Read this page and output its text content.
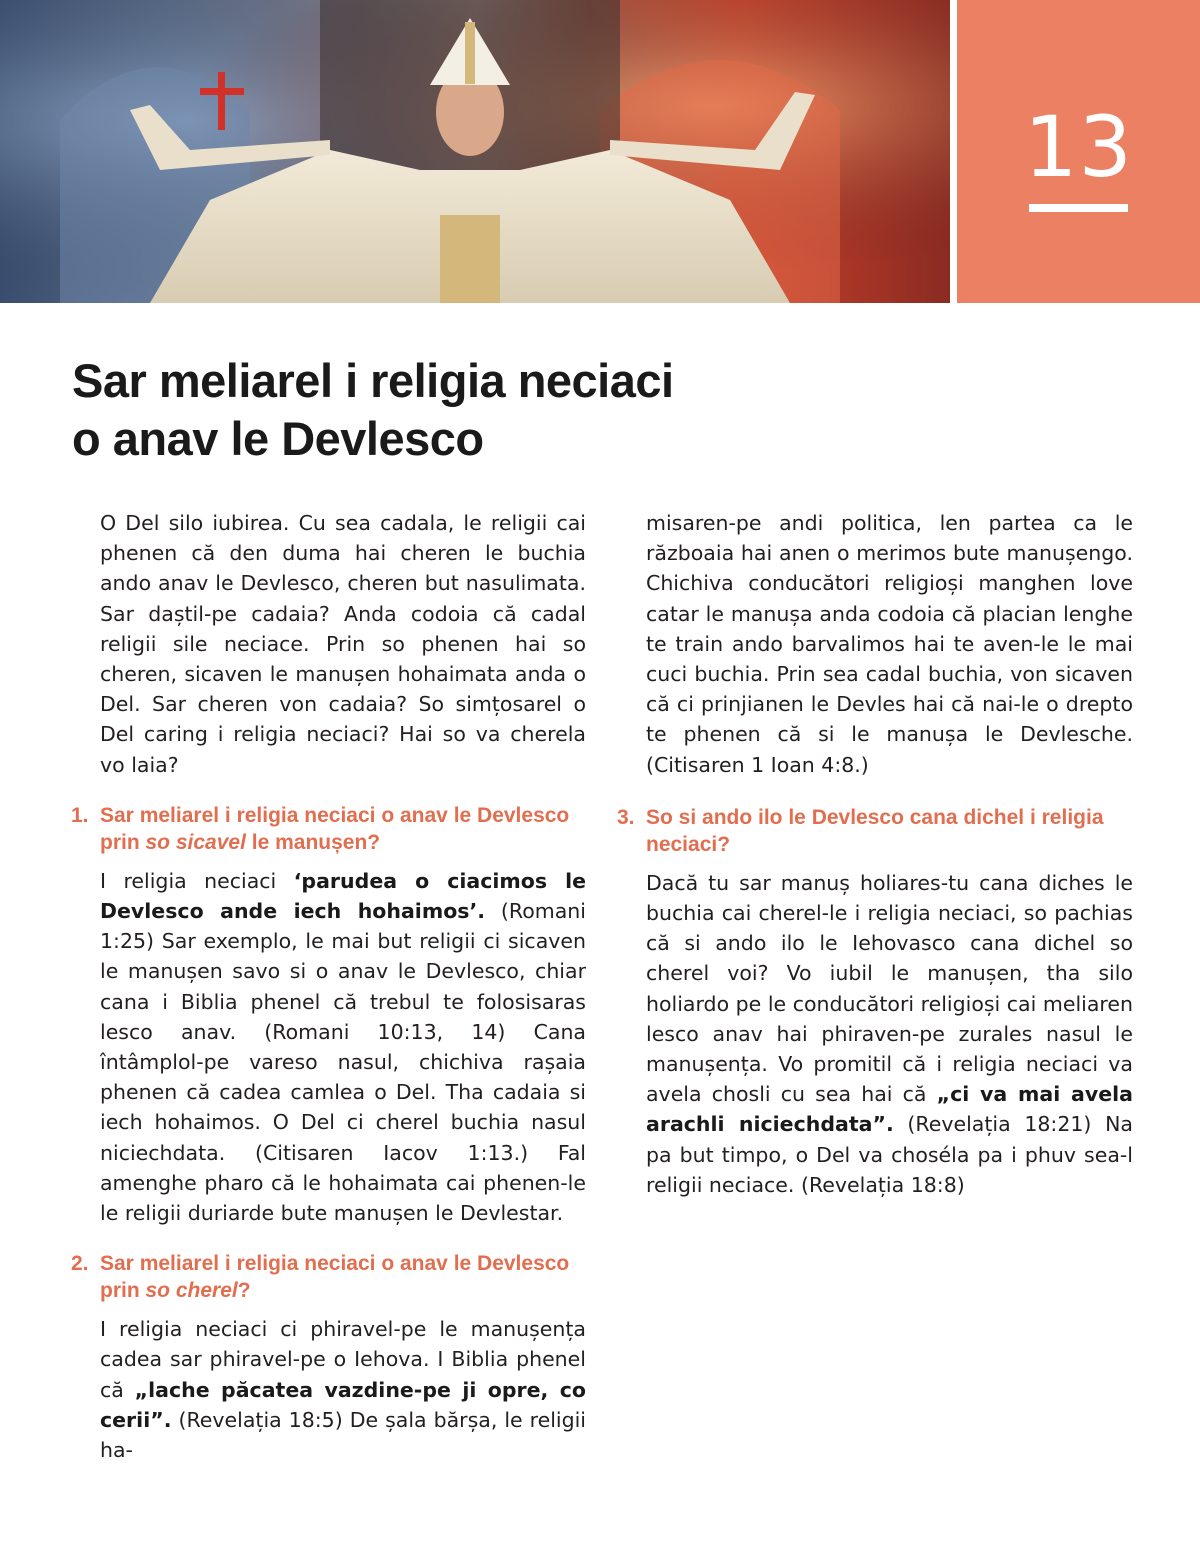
13
Sar meliarel i religia neciaci
o anav le Devlesco

O Del silo iubirea. Cu sea cadala, le religii cai phenen că den duma hai cheren le buchia ando anav le Devlesco, cheren but nasulimata. Sar daștil-pe cadaia? Anda codoia că cadal religii sile neciace. Prin so phenen hai so cheren, sicaven le manușen hohaimata anda o Del. Sar cheren von cadaia? So simțosarel o Del caring i religia neciaci? Hai so va cherela vo laia?

1. Sar meliarel i religia neciaci o anav le Devlesco prin so sicavel le manușen?

I religia neciaci ‘parudea o ciacimos le Devlesco ande iech hohaimos’. (Romani 1:25) Sar exemplo, le mai but religii ci sicaven le manușen savo si o anav le Devlesco, chiar cana i Biblia phenel că trebul te folosisaras lesco anav. (Romani 10:13, 14) Cana întâmplol-pe vareso nasul, chichiva rașaia phenen că cadea camlea o Del. Tha cadaia si iech hohaimos. O Del ci cherel buchia nasul niciechdata. (Citisaren Iacov 1:13.) Fal amenghe pharo că le hohaimata cai phenen-le le religii duriarde bute manușen le Devlestar.

2. Sar meliarel i religia neciaci o anav le Devlesco prin so cherel?

I religia neciaci ci phiravel-pe le manușența cadea sar phiravel-pe o Iehova. I Biblia phenel că „lache păcatea vazdine-pe ji opre, co cerii”. (Revelația 18:5) De șala bărșa, le religii ha-

misaren-pe andi politica, len partea ca le războaia hai anen o merimos bute manușengo. Chichiva conducători religioși manghen love catar le manușa anda codoia că placian lenghe te train ando barvalimos hai te aven-le le mai cuci buchia. Prin sea cadal buchia, von sicaven că ci prinjianen le Devles hai că nai-le o drepto te phenen că si le manușa le Devlesche. (Citisaren 1 Ioan 4:8.)

3. So si ando ilo le Devlesco cana dichel i religia neciaci?

Dacă tu sar manuș holiares-tu cana diches le buchia cai cherel-le i religia neciaci, so pachias că si ando ilo le Iehovasco cana dichel so cherel voi? Vo iubil le manușen, tha silo holiardo pe le conducători religioși cai meliaren lesco anav hai phiraven-pe zurales nasul le manușența. Vo promitil că i religia neciaci va avela chosli cu sea hai că „ci va mai avela arachli niciechdata”. (Revelația 18:21) Na pa but timpo, o Del va choséla pa i phuv sea-l religii neciace. (Revelația 18:8)
